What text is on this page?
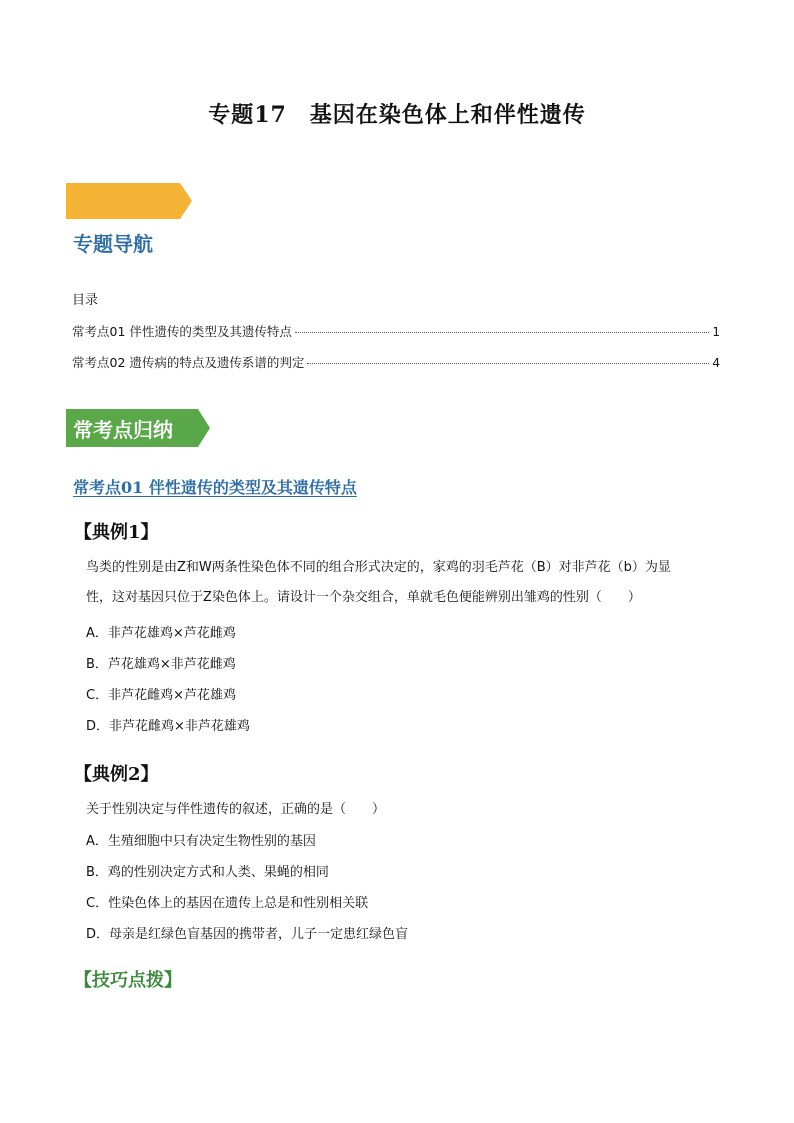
专题17　基因在染色体上和伴性遗传
专题导航
目录
常考点01 伴性遗传的类型及其遗传特点	1
常考点02 遗传病的特点及遗传系谱的判定	4
常考点归纳
常考点01 伴性遗传的类型及其遗传特点
【典例1】
鸟类的性别是由Z和W两条性染色体不同的组合形式决定的，家鸡的羽毛芦花（B）对非芦花（b）为显
性，这对基因只位于Z染色体上。请设计一个杂交组合，单就毛色便能辨别出雏鸡的性别（　　）
A．非芦花雄鸡×芦花雌鸡
B．芦花雄鸡×非芦花雌鸡
C．非芦花雌鸡×芦花雄鸡
D．非芦花雌鸡×非芦花雄鸡
【典例2】
关于性别决定与伴性遗传的叙述，正确的是（　　）
A．生殖细胞中只有决定生物性别的基因
B．鸡的性别决定方式和人类、果蝇的相同
C．性染色体上的基因在遗传上总是和性别相关联
D．母亲是红绿色盲基因的携带者，儿子一定患红绿色盲
【技巧点拨】
